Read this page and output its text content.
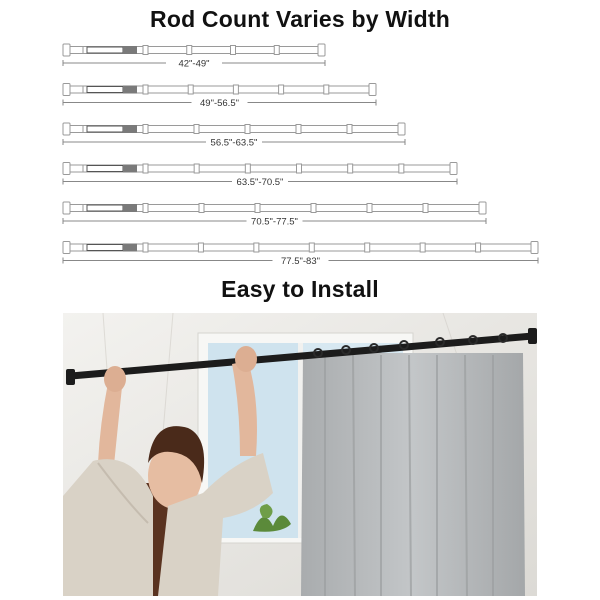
Rod Count Varies by Width
42"-49"
49"-56.5"
56.5"-63.5"
63.5"-70.5"
70.5"-77.5"
77.5"-83"
Easy to Install
